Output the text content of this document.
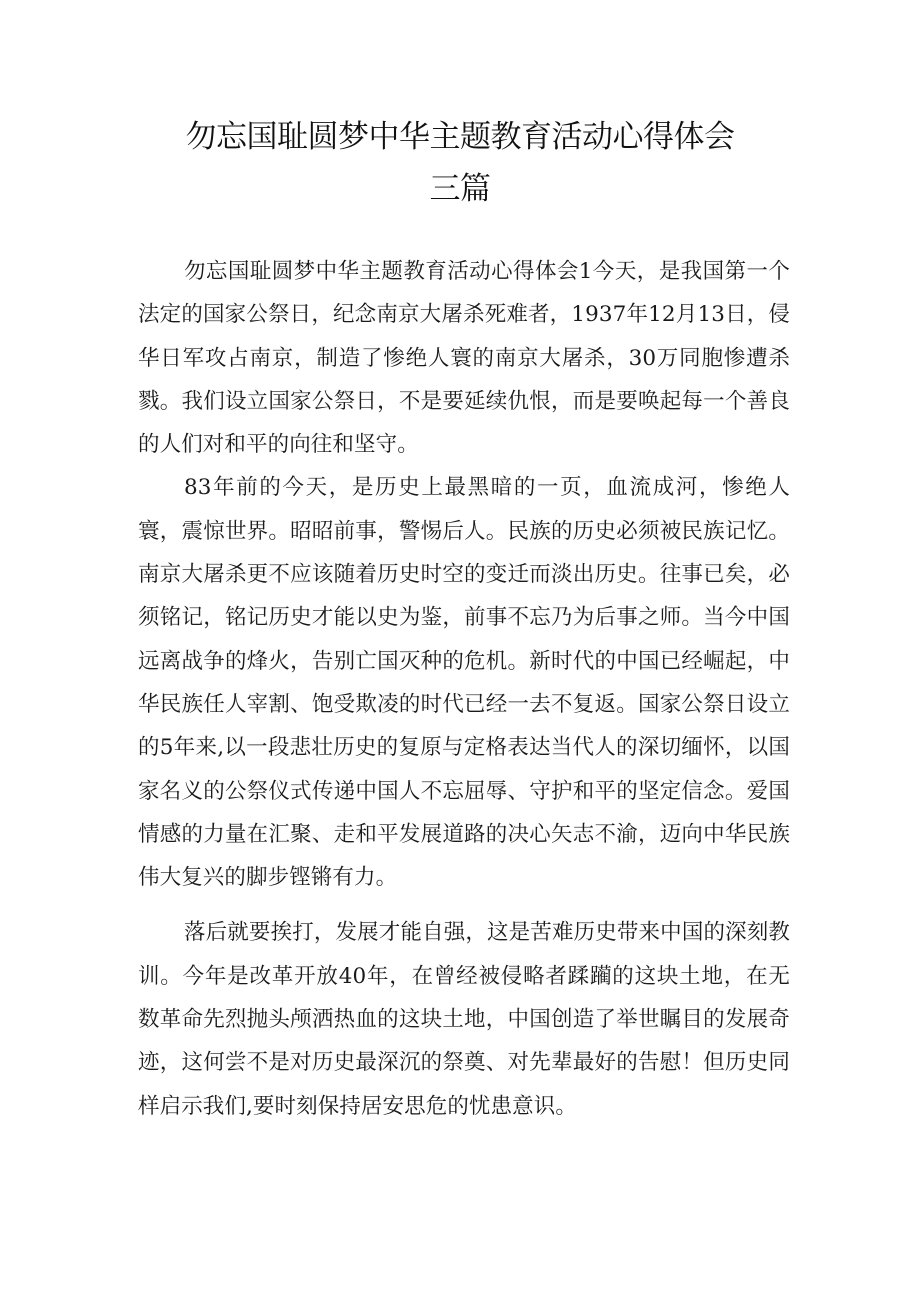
勿忘国耻圆梦中华主题教育活动心得体会
三篇

勿忘国耻圆梦中华主题教育活动心得体会1今天，是我国第一个法定的国家公祭日，纪念南京大屠杀死难者，1937年12月13日，侵华日军攻占南京，制造了惨绝人寰的南京大屠杀，30万同胞惨遭杀戮。我们设立国家公祭日，不是要延续仇恨，而是要唤起每一个善良的人们对和平的向往和坚守。

83年前的今天，是历史上最黑暗的一页，血流成河，惨绝人寰，震惊世界。昭昭前事，警惕后人。民族的历史必须被民族记忆。南京大屠杀更不应该随着历史时空的变迁而淡出历史。往事已矣，必须铭记，铭记历史才能以史为鉴，前事不忘乃为后事之师。当今中国远离战争的烽火，告别亡国灭种的危机。新时代的中国已经崛起，中华民族任人宰割、饱受欺凌的时代已经一去不复返。国家公祭日设立的5年来,以一段悲壮历史的复原与定格表达当代人的深切缅怀，以国家名义的公祭仪式传递中国人不忘屈辱、守护和平的坚定信念。爱国情感的力量在汇聚、走和平发展道路的决心矢志不渝，迈向中华民族伟大复兴的脚步铿锵有力。

落后就要挨打，发展才能自强，这是苦难历史带来中国的深刻教训。今年是改革开放40年，在曾经被侵略者蹂躏的这块土地，在无数革命先烈抛头颅洒热血的这块土地，中国创造了举世瞩目的发展奇迹，这何尝不是对历史最深沉的祭奠、对先辈最好的告慰！但历史同样启示我们,要时刻保持居安思危的忧患意识。
